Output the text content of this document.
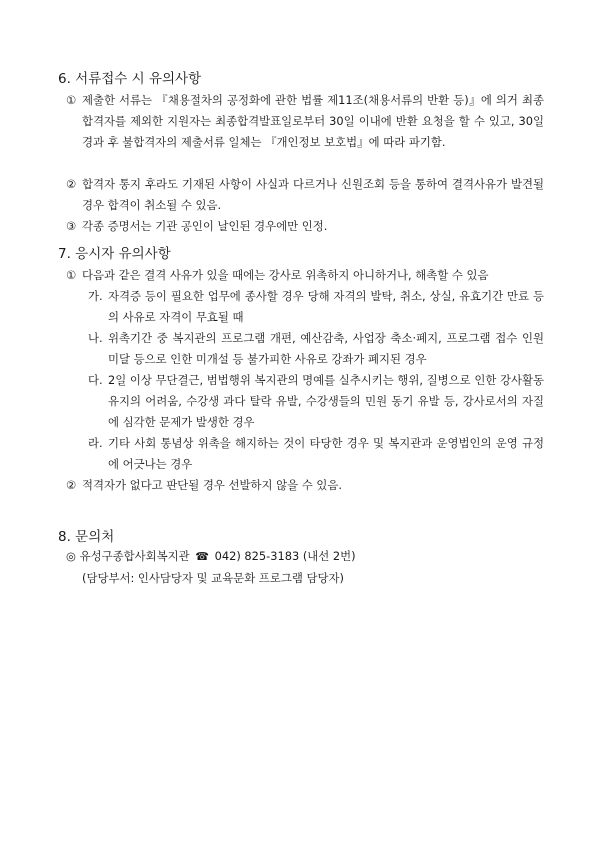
6. 서류접수 시 유의사항
① 제출한 서류는 『채용절차의 공정화에 관한 법률 제11조(채용서류의 반환 등)』에 의거 최종 합격자를 제외한 지원자는 최종합격발표일로부터 30일 이내에 반환 요청을 할 수 있고, 30일 경과 후 불합격자의 제출서류 일체는 『개인정보 보호법』에 따라 파기함.
② 합격자 통지 후라도 기재된 사항이 사실과 다르거나 신원조회 등을 통하여 결격사유가 발견될 경우 합격이 취소될 수 있음.
③ 각종 증명서는 기관 공인이 날인된 경우에만 인정.
7. 응시자 유의사항
① 다음과 같은 결격 사유가 있을 때에는 강사로 위촉하지 아니하거나, 해촉할 수 있음
가. 자격증 등이 필요한 업무에 종사할 경우 당해 자격의 발탁, 취소, 상실, 유효기간 만료 등의 사유로 자격이 무효될 때
나. 위촉기간 중 복지관의 프로그램 개편, 예산감축, 사업장 축소·폐지, 프로그램 접수 인원 미달 등으로 인한 미개설 등 불가피한 사유로 강좌가 폐지된 경우
다. 2일 이상 무단결근, 범법행위 복지관의 명예를 실추시키는 행위, 질병으로 인한 강사활동 유지의 어려움, 수강생 과다 탈락 유발, 수강생들의 민원 동기 유발 등, 강사로서의 자질에 심각한 문제가 발생한 경우
라. 기타 사회 통념상 위촉을 해지하는 것이 타당한 경우 및 복지관과 운영법인의 운영 규정에 어긋나는 경우
② 적격자가 없다고 판단될 경우 선발하지 않을 수 있음.
8. 문의처
◎ 유성구종합사회복지관 ☎ 042) 825-3183 (내선 2번)
(담당부서: 인사담당자 및 교육문화 프로그램 담당자)
